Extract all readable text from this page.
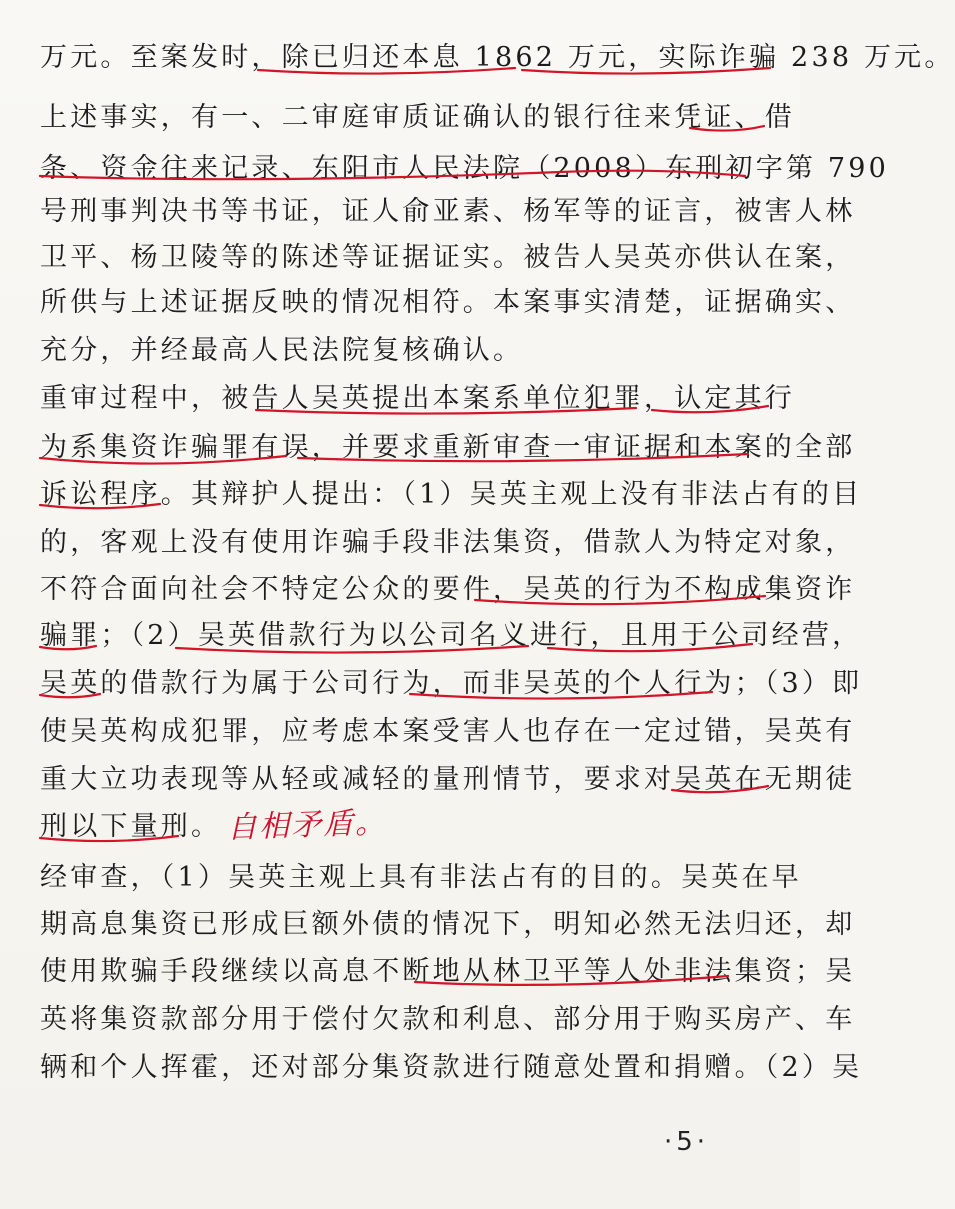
万元。至案发时，除已归还本息 1862 万元，实际诈骗 238 万元。
上述事实，有一、二审庭审质证确认的银行往来凭证、借
条、资金往来记录、东阳市人民法院（2008）东刑初字第 790
号刑事判决书等书证，证人俞亚素、杨军等的证言，被害人林
卫平、杨卫陵等的陈述等证据证实。被告人吴英亦供认在案，
所供与上述证据反映的情况相符。本案事实清楚，证据确实、
充分，并经最高人民法院复核确认。
重审过程中，被告人吴英提出本案系单位犯罪，认定其行
为系集资诈骗罪有误，并要求重新审查一审证据和本案的全部
诉讼程序。其辩护人提出：（1）吴英主观上没有非法占有的目
的，客观上没有使用诈骗手段非法集资，借款人为特定对象，
不符合面向社会不特定公众的要件，吴英的行为不构成集资诈
骗罪；（2）吴英借款行为以公司名义进行，且用于公司经营，
吴英的借款行为属于公司行为，而非吴英的个人行为；（3）即
使吴英构成犯罪，应考虑本案受害人也存在一定过错，吴英有
重大立功表现等从轻或减轻的量刑情节，要求对吴英在无期徒
刑以下量刑。 自相矛盾。
经审查，（1）吴英主观上具有非法占有的目的。吴英在早
期高息集资已形成巨额外债的情况下，明知必然无法归还，却
使用欺骗手段继续以高息不断地从林卫平等人处非法集资；吴
英将集资款部分用于偿付欠款和利息、部分用于购买房产、车
辆和个人挥霍，还对部分集资款进行随意处置和捐赠。（2）吴
·5·
